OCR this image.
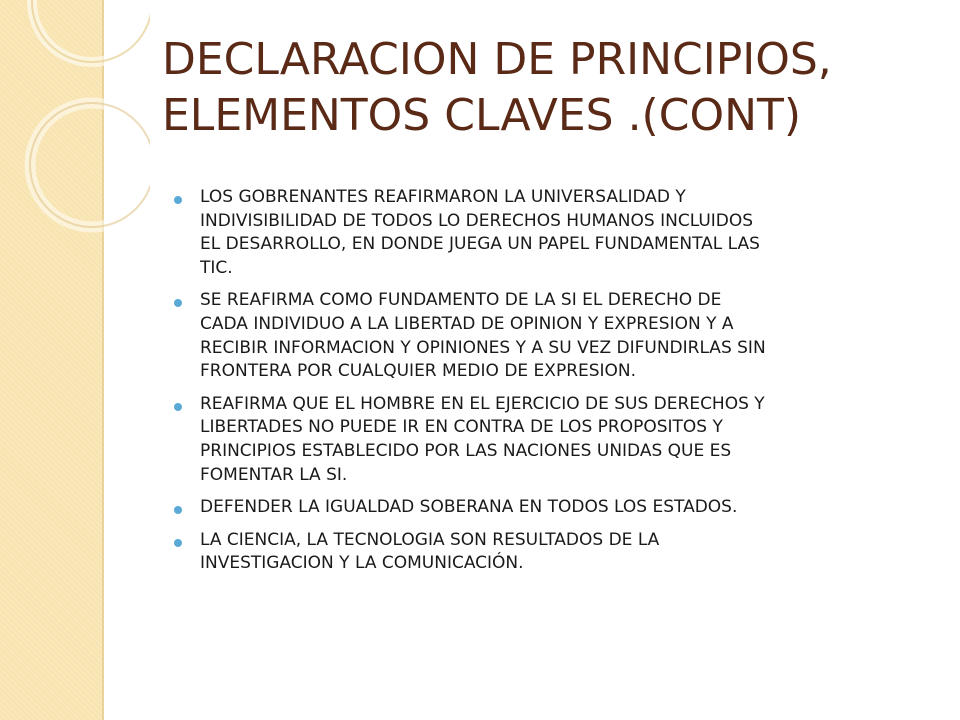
DECLARACION DE PRINCIPIOS,
ELEMENTOS CLAVES .(CONT)
LOS GOBRENANTES REAFIRMARON LA UNIVERSALIDAD Y
INDIVISIBILIDAD DE TODOS LO DERECHOS HUMANOS INCLUIDOS
EL DESARROLLO, EN DONDE JUEGA UN PAPEL FUNDAMENTAL LAS
TIC.
SE REAFIRMA COMO FUNDAMENTO DE LA SI EL DERECHO DE
CADA INDIVIDUO A LA LIBERTAD DE OPINION Y EXPRESION Y A
RECIBIR INFORMACION Y OPINIONES Y A SU VEZ DIFUNDIRLAS SIN
FRONTERA POR CUALQUIER MEDIO DE EXPRESION.
REAFIRMA QUE EL HOMBRE EN EL EJERCICIO DE SUS DERECHOS Y
LIBERTADES NO PUEDE IR EN CONTRA DE LOS PROPOSITOS Y
PRINCIPIOS ESTABLECIDO POR LAS NACIONES UNIDAS QUE ES
FOMENTAR LA SI.
DEFENDER LA IGUALDAD SOBERANA EN TODOS LOS ESTADOS.
LA CIENCIA, LA TECNOLOGIA SON RESULTADOS DE LA
INVESTIGACION Y LA COMUNICACIÓN.
